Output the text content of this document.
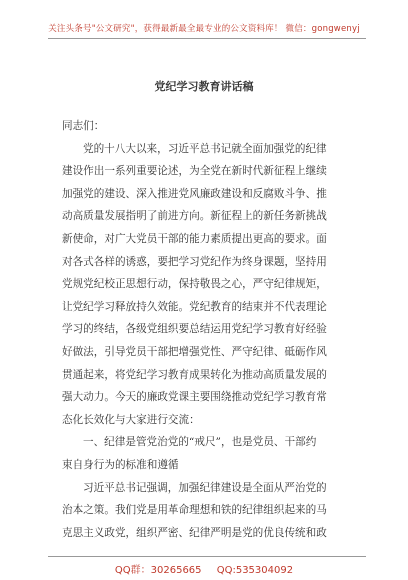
关注头条号"公文研究"，获得最新最全最专业的公文资料库！ 微信：gongwenyj
党纪学习教育讲话稿
同志们：
党的十八大以来，习近平总书记就全面加强党的纪律
建设作出一系列重要论述，为全党在新时代新征程上继续
加强党的建设、深入推进党风廉政建设和反腐败斗争、推
动高质量发展指明了前进方向。新征程上的新任务新挑战
新使命，对广大党员干部的能力素质提出更高的要求。面
对各式各样的诱惑，要把学习党纪作为终身课题，坚持用
党规党纪校正思想行动，保持敬畏之心，严守纪律规矩，
让党纪学习释放持久效能。党纪教育的结束并不代表理论
学习的终结，各级党组织要总结运用党纪学习教育好经验
好做法，引导党员干部把增强党性、严守纪律、砥砺作风
贯通起来，将党纪学习教育成果转化为推动高质量发展的
强大动力。今天的廉政党课主要围绕推动党纪学习教育常
态化长效化与大家进行交流：
一、纪律是管党治党的“戒尺”，也是党员、干部约
束自身行为的标准和遵循
习近平总书记强调，加强纪律建设是全面从严治党的
治本之策。我们党是用革命理想和铁的纪律组织起来的马
克思主义政党，组织严密、纪律严明是党的优良传统和政
QQ群：30265665 QQ:535304092
